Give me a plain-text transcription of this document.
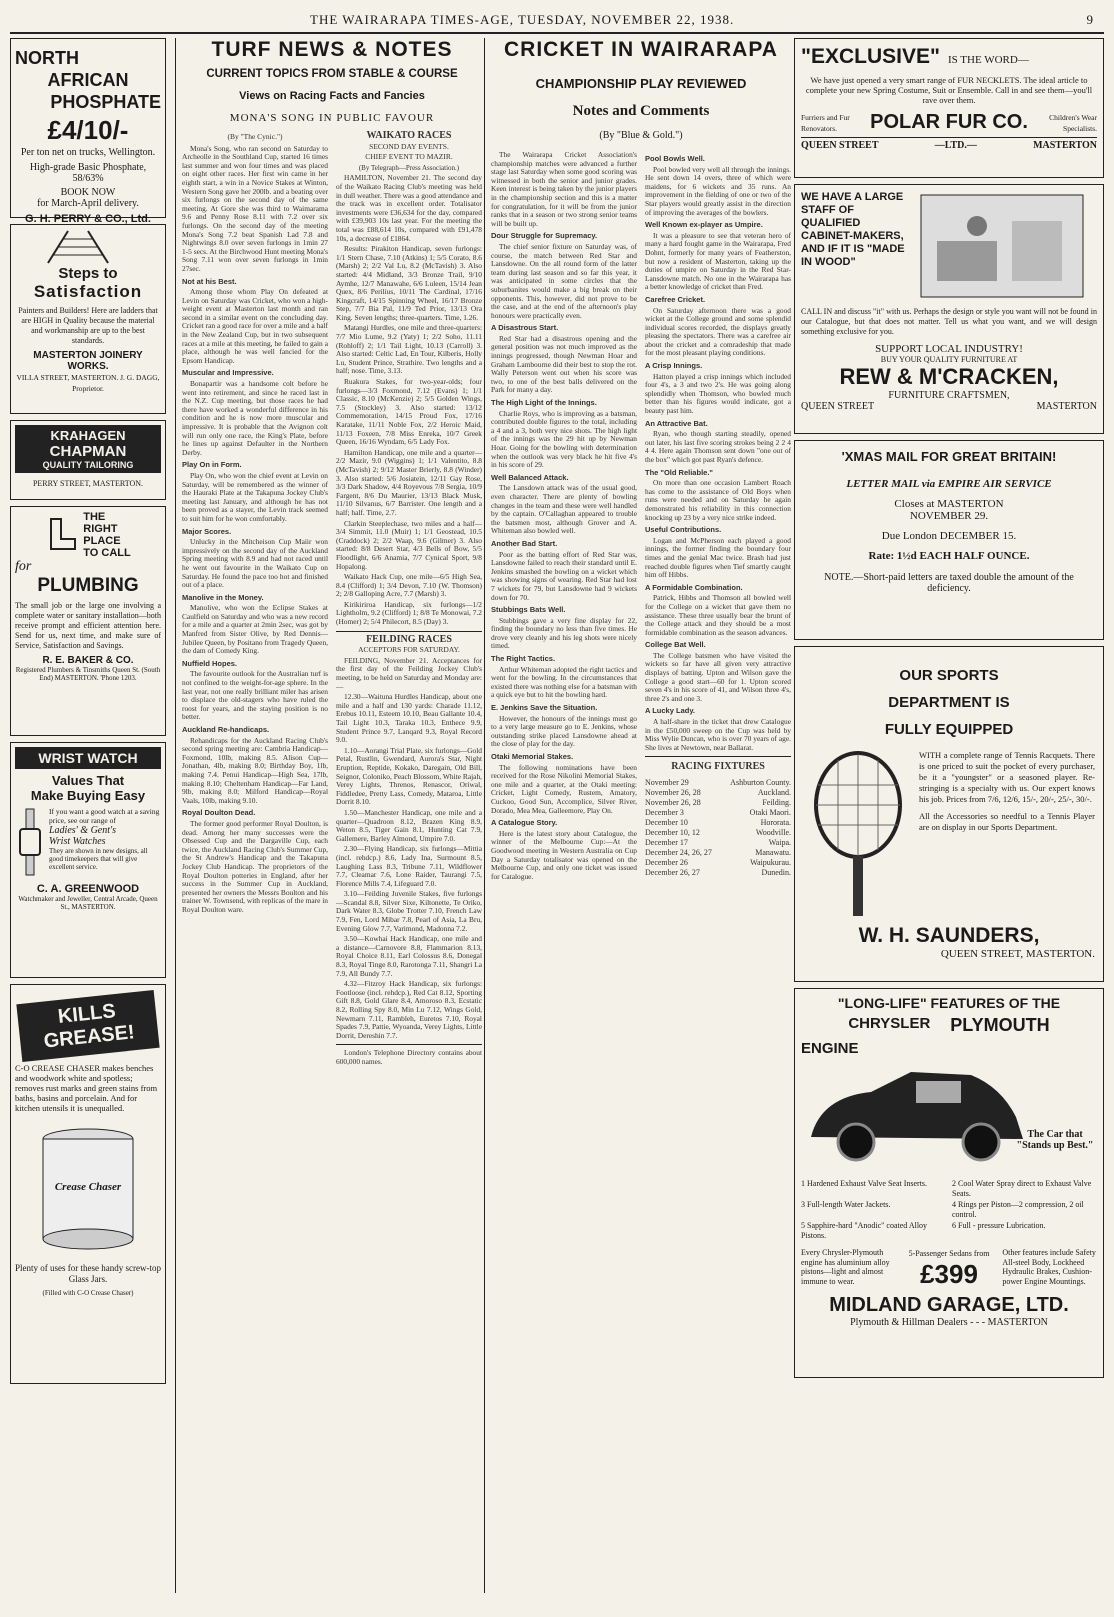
THE WAIRARAPA TIMES-AGE, TUESDAY, NOVEMBER 22, 1938.	9
NORTH
AFRICAN
PHOSPHATE
£4/10/-
Per ton net on trucks, Wellington.
High-grade Basic Phosphate, 58/63%
BOOK NOW
for March-April delivery.
G. H. PERRY & CO., Ltd.
Steps to
Satisfaction
Painters and Builders! Here are ladders that are HIGH in Quality because the material and workmanship are up to the best standards.
MASTERTON JOINERY WORKS.
VILLA STREET, MASTERTON. J. G. DAGG, Proprietor.
KRAHAGEN
CHAPMAN
QUALITY TAILORING
PERRY STREET, MASTERTON.
THE
RIGHT
PLACE
TO CALL
for
PLUMBING
The small job or the large one involving a complete water or sanitary installation—both receive prompt and efficient attention here. Send for us, next time, and make sure of Service, Satisfaction and Savings.
R. E. BAKER & CO.
Registered Plumbers & Tinsmiths Queen St. (South End) MASTERTON. 'Phone 1203.
WRIST WATCH
Values That
Make Buying Easy
If you want a good watch at a saving price, see our range of
Ladies' & Gent's
Wrist Watches
They are shown in new designs, all good timekeepers that will give excellent service.
C. A. GREENWOOD
Watchmaker and Jeweller, Central Arcade, Queen St., MASTERTON.
KILLS
GREASE!
C-O CREASE CHASER makes benches and woodwork white and spotless; removes rust marks and green stains from baths, basins and porcelain. And for kitchen utensils it is unequalled.
Crease Chaser
Plenty of uses for these handy screw-top Glass Jars.
(Filled with C-O Crease Chaser)
TURF NEWS & NOTES
CURRENT TOPICS FROM STABLE & COURSE
Views on Racing Facts and Fancies
MONA'S SONG IN PUBLIC FAVOUR
(By "The Cynic.")

Mona's Song, who ran second on Saturday to Archeolle in the Southland Cup, started 16 times last summer and won four times and was placed on eight other races. Her first win came in her eighth start, a win in a Novice Stakes at Winton, Western Song gave her 200lb. and a beating over six furlongs on the second day of the same meeting. At Gore she was third to Waimarama 9.6 and Penny Rose 8.11 with 7.2 over six furlongs. On the second day of the meeting Mona's Song 7.2 beat Spanish Lad 7.8 and Nightwings 8.0 over seven furlongs in 1min 27 1-5 secs. At the Birchwood Hunt meeting Mona's Song 7.11 won over seven furlongs in 1min 27sec.

Not at his Best.

Among those whom Play On defeated at Levin on Saturday was Cricket, who won a high-weight event at Masterton last month and ran second in a similar event on the concluding day. Cricket ran a good race for over a mile and a half in the New Zealand Cup, but in two subsequent races at a mile at this meeting, he failed to gain a place, although he was well fancied for the Epsom Handicap.

Muscular and Impressive.

Bonapartir was a handsome colt before he went into retirement, and since he raced last in the N.Z. Cup meeting, but those races he had there have worked a wonderful difference in his condition and he is now more muscular and impressive. It is probable that the Avignon colt will run only one race, the King's Plate, before he lines up against Defaulter in the Northern Derby.

Play On in Form.

Play On, who won the chief event at Levin on Saturday, will be remembered as the winner of the Hauraki Plate at the Takapuna Jockey Club's meeting last January, and although he has not been proved as a stayer, the Levin track seemed to suit him for he won comfortably.

Major Scores.

Unlucky in the Mitcheison Cup Maiir won impressively on the second day of the Auckland Spring meeting with 8.9 and had not raced until he went out favourite in the Waikato Cup on Saturday. He found the pace too hot and finished out of a place.

Manolive in the Money.

Manolive, who won the Eclipse Stakes at Caulfield on Saturday and who was a new record for a mile and a quarter at 2min 2sec, was got by Manfred from Sister Olive, by Red Dennis—Jubilee Queen, by Positano from Tragedy Queen, the dam of Comedy King.

Nuffield Hopes.

The favourite outlook for the Australian turf is not confined to the weight-for-age sphere. In the last year, not one really brilliant miler has arisen to displace the old-stagers who have ruled the roost for years, and the staying position is no better.

Auckland Re-handicaps.

Rehandicaps for the Auckland Racing Club's second spring meeting are: Cambria Handicap—Foxmond, 10lb, making 8.5. Alison Cup—Jonathan, 4lb, making 8.0; Birthday Boy, 1lb, making 7.4. Penui Handicap—High Sea, 17lb, making 8.10; Cheltenham Handicap—Far Land, 9lb, making 8.0; Milford Handicap—Royal Vaals, 10lb, making 9.10.

Royal Doulton Dead.

The former good performer Royal Doulton, is dead. Among her many successes were the Obsessed Cup and the Dargaville Cup, each twice, the Auckland Racing Club's Summer Cup, the St Andrew's Handicap and the Takapuna Jockey Club Handicap. The proprietors of the Royal Doulton potteries in England, after her success in the Summer Cup in Auckland, presented her owners the Messrs Boulton and his trainer W. Townsend, with replicas of the mare in Royal Doulton ware.

WAIKATO RACES
SECOND DAY EVENTS.
CHIEF EVENT TO MAZIR.
(By Telegraph—Press Association.)

HAMILTON, November 21. The second day of the Waikato Racing Club's meeting was held in dull weather. There was a good attendance and the track was in excellent order. Totalisator investments were £36,634 for the day, compared with £39,903 10s last year. For the meeting the total was £88,614 10s, compared with £91,478 10s, a decrease of £1864.

Results: Pirakiton Handicap, seven furlongs: 1/1 Stern Chase, 7.10 (Atkins) 1; 5/5 Corato, 8.6 (Marsh) 2; 2/2 Val Lu, 8.2 (McTavish) 3. Also started: 4/4 Midland, 3/3 Bronze Trail, 9/10 Aymhe, 12/7 Manawahe, 6/6 Luleen, 15/14 Jean Quex, 8/6 Perilius, 10/11 The Cardinal, 17/16 Kingcraft, 14/15 Spinning Wheel, 16/17 Bronze Step, 7/7 Bia Pal, 11/9 Ted Prior, 13/13 Ora King. Seven lengths; three-quarters. Time, 1.26.

Matangi Hurdles, one mile and three-quarters: 7/7 Mio Lume, 9.2 (Yaty) 1; 2/2 Soho, 11.11 (Rohloff) 2; 1/1 Tail Light, 10.13 (Carroll) 3. Also started: Celtic Lad, En Tour, Kilberis, Holly Lu, Student Prince, Strathire. Two lengths and a half; nose. Time, 3.13.

Ruakura Stakes, for two-year-olds; four furlongs—3/3 Foxmond, 7.12 (Evans) 1; 1/1 Classic, 8.10 (McKenzie) 2; 5/5 Golden Wings, 7.5 (Stockley) 3. Also started: 13/12 Commemoration, 14/15 Proud Fox, 17/16 Karatake, 11/11 Noble Fox, 2/2 Heroic Maid, 11/13 Foxeen, 7/8 Miss Enreka, 10/7 Greek Queen, 16/16 Wyndam, 6/5 Lady Fox.

Hamilton Handicap, one mile and a quarter—2/2 Mazir, 9.0 (Wiggins) 1; 1/1 Valentito, 8.8 (McTavish) 2; 9/12 Master Brierly, 8.8 (Winder) 3. Also started: 5/6 Josiatein, 12/11 Gay Rose, 3/3 Dark Shadow, 4/4 Royevous 7/8 Sergia, 10/9 Fargent, 8/6 Du Maurier, 13/13 Black Musk, 11/10 Silvanus, 6/7 Barrister. One length and a half; half. Time, 2.7.

Clarkin Steeplechase, two miles and a half—3/4 Simmit, 11.0 (Muir) 1; 1/1 Geostead, 10.5 (Craddock) 2; 2/2 Waap, 9.6 (Gilmer) 3. Also started: 8/8 Desert Star, 4/3 Bells of Bow, 5/5 Floodlight, 6/6 Anamia, 7/7 Cynical Sport, 9/8 Hopalong.

Waikato Hack Cup, one mile—6/5 High Sea, 8.4 (Clifford) 1; 3/4 Devon, 7.10 (W. Thomson) 2; 2/8 Galloping Acre, 7.7 (Marsh) 3.

Kirikiriroa Handicap, six furlongs—1/2 Lightholm, 9.2 (Clifford) 1; 8/8 Te Monowai, 7.2 (Homer) 2; 5/4 Philecort, 8.5 (Day) 3.

FEILDING RACES
ACCEPTORS FOR SATURDAY.

FEILDING, November 21. Acceptances for the first day of the Feilding Jockey Club's meeting, to be held on Saturday and Monday are:—

12.30—Waituna Hurdles Handicap, about one mile and a half and 130 yards: Charade 11.12, Erebus 10.11, Esteem 10.10, Beau Gallante 10.4, Tail Light 10.3, Taraka 10.3, Enthece 9.9, Student Prince 9.7, Lanqard 9.3, Royal Record 9.0.

1.10—Aorangi Trial Plate, six furlongs—Gold Petal, Rustlin, Gwendard, Aurora's Star, Night Eruption, Reptide, Kokako, Daregain, Old Bill, Seignor, Coloniko, Peach Blossom, White Rajah, Verey Lights, Threnos, Renascor, Oriwal, Fiddledee, Pretty Lass, Comedy, Mataroa, Little Dorrit 8.10.

1.50—Manchester Handicap, one mile and a quarter—Quadroon 8.12, Brazen King 8.9, Weton 8.5, Tiger Gain 8.1, Hunting Cat 7.9, Gallemere, Barley Almond, Umpire 7.0.

2.30—Flying Handicap, six furlongs—Mittia (incl. rehdcp.) 8.6, Lady Ina, Surmount 8.5, Laughing Lass 8.3, Tribune 7.11, Wildflower 7.7, Cleamar 7.6, Lone Raider, Taurangi 7.5, Florence Mills 7.4, Lifeguard 7.0.

3.10—Feilding Juvenile Stakes, five furlongs—Scandal 8.8, Silver Sixe, Kiltonette, Te Oriko, Dark Water 8.3, Globe Trotter 7.10, French Law 7.9, Fen, Lord Mibar 7.8, Pearl of Asia, La Bru, Evening Glow 7.7, Varimond, Madonna 7.2.

3.50—Kowhai Hack Handicap, one mile and a distance—Carnovore 8.8, Flammarion 8.13, Royal Choice 8.11, Earl Colossus 8.6, Donegal 8.3, Royal Tinge 8.0, Rarotonga 7.11, Shangri La 7.9, All Bundy 7.7.

4.32—Fitzroy Hack Handicap, six furlongs: Footloose (incl. rehdcp.), Red Cat 8.12, Sporting Gift 8.8, Gold Glare 8.4, Amoroso 8.3, Ecstatic 8.2, Rolling Spy 8.0, Min Lu 7.12, Wings Gold, Newmarn 7.11, Rambleh, Euretos 7.10, Royal Spades 7.9, Pattie, Wyoanda, Verey Lights, Little Dorrit, Dereshin 7.7.

London's Telephone Directory contains about 600,000 names.

CRICKET IN WAIRARAPA
CHAMPIONSHIP PLAY REVIEWED
Notes and Comments
(By "Blue & Gold.")

The Wairarapa Cricket Association's championship matches were advanced a further stage last Saturday when some good scoring was witnessed in both the senior and junior grades. Keen interest is being taken by the junior players in the championship section and this is a matter for congratulation, for it will be from the junior ranks that in a season or two strong senior teams will be built up.

Dour Struggle for Supremacy.

The chief senior fixture on Saturday was, of course, the match between Red Star and Lansdowne. On the all round form of the latter team during last season and so far this year, it was anticipated in some circles that the suburbanites would make a big break on their opponents. This, however, did not prove to be the case, and at the end of the afternoon's play honours were practically even.

A Disastrous Start.

Red Star had a disastrous opening and the general position was not much improved as the innings progressed, though Newman Hoar and Graham Lambourne did their best to stop the rot. Wally Peterson went out when his score was two, to one of the best balls delivered on the Park for many a day.

The High Light of the Innings.

Charlie Roys, who is improving as a batsman, contributed double figures to the total, including a 4 and a 3, both very nice shots. The high light of the innings was the 29 hit up by Newman Hoar. Going for the bowling with determination when the outlook was very black he hit five 4's in his score of 29.

Well Balanced Attack.

The Lansdown attack was of the usual good, even character. There are plenty of bowling changes in the team and these were well handled by the captain. O'Callaghan appeared to trouble the batsmen most, although Grover and A. Whiteman also bowled well.

Another Bad Start.

Poor as the batting effort of Red Star was, Lansdowne failed to reach their standard until E. Jenkins smashed the bowling on a wicket which was showing signs of wearing. Red Star had lost 7 wickets for 79, but Lansdowne had 9 wickets down for 70.

Stubbings Bats Well.

Stubbings gave a very fine display for 22, finding the boundary no less than five times. He drove very cleanly and his leg shots were nicely timed.

The Right Tactics.

Arthur Whiteman adopted the right tactics and went for the bowling. In the circumstances that existed there was nothing else for a batsman with a quick eye but to hit the bowling hard.

E. Jenkins Save the Situation.

However, the honours of the innings must go to a very large measure go to E. Jenkins, whose outstanding strike placed Lansdowne ahead at the close of play for the day.

Otaki Memorial Stakes.

The following nominations have been received for the Rose Nikolini Memorial Stakes, one mile and a quarter, at the Otaki meeting: Cricket, Light Comedy, Rustem, Amatory, Cuckoo, Good Sun, Accomplice, Silver River, Dorado, Mea Mea, Galleemore, Play On.

A Catalogue Story.

Here is the latest story about Catalogue, the winner of the Melbourne Cup:—At the Goodwood meeting in Western Australia on Cup Day a Saturday totalisator was opened on the Melbourne Cup, and only one ticket was issued for Catalogue.

Pool Bowls Well.

Pool bowled very well all through the innings. He sent down 14 overs, three of which were maidens, for 6 wickets and 35 runs. An improvement in the fielding of one or two of the Star players would greatly assist in the direction of improving the averages of the bowlers.

Well Known ex-player as Umpire.

It was a pleasure to see that veteran hero of many a hard fought game in the Wairarapa, Fred Dohnt, formerly for many years of Featherston, but now a resident of Masterton, taking up the duties of umpire on Saturday in the Red Star-Lansdowne match. No one in the Wairarapa has a better knowledge of cricket than Fred.

Carefree Cricket.

On Saturday afternoon there was a good wicket at the College ground and some splendid individual scores recorded, the displays greatly pleasing the spectators. There was a carefree air about the cricket and a comradeship that made for the most pleasant playing conditions.

A Crisp Innings.

Hatton played a crisp innings which included four 4's, a 3 and two 2's. He was going along splendidly when Thomson, who bowled much better than his figures would indicate, got a beauty past him.

An Attractive Bat.

Ryan, who though starting steadily, opened out later, his last five scoring strokes being 2 2 4 4 4. Here again Thomson sent down "one out of the box" which got past Ryan's defence.

The "Old Reliable."

On more than one occasion Lambert Roach has come to the assistance of Old Boys when runs were needed and on Saturday he again demonstrated his reliability in this connection knocking up 23 by a very nice strike indeed.

Useful Contributions.

Logan and McPherson each played a good innings, the former finding the boundary four times and the genial Mac twice. Brash had just reached double figures when Tief smartly caught him off Hibbs.

A Formidable Combination.

Patrick, Hibbs and Thomson all bowled well for the College on a wicket that gave them no assistance. These three usually bear the brunt of the College attack and they should be a most formidable combination as the season advances.

College Bat Well.

The College batsmen who have visited the wickets so far have all given very attractive displays of batting. Upton and Wilson gave the College a good start—60 for 1. Upton scored seven 4's in his score of 41, and Wilson three 4's, three 2's and one 3.

A Lucky Lady.

A half-share in the ticket that drew Catalogue in the £50,000 sweep on the Cup was held by Miss Wylie Duncan, who is over 70 years of age. She lives at Newtown, near Ballarat.

RACING FIXTURES
November 29	Ashburton County.
November 26, 28	Auckland.
November 26, 28	Feilding.
December 3	Otaki Maori.
December 10	Hororata.
December 10, 12	Woodville.
December 17	Waipa.
December 24, 26, 27	Manawatu.
December 26	Waipukurau.
December 26, 27	Dunedin.
"EXCLUSIVE" IS THE WORD—
We have just opened a very smart range of FUR NECKLETS. The ideal article to complete your new Spring Costume, Suit or Ensemble. Call in and see them—you'll rave over them.
Furriers and Fur Renovators.	POLAR FUR CO.	Children's Wear Specialists.
QUEEN STREET	—LTD.—	MASTERTON
WE HAVE A LARGE STAFF OF QUALIFIED CABINET-MAKERS, AND IF IT IS "MADE IN WOOD"
CALL IN and discuss "it" with us. Perhaps the design or style you want will not be found in our Catalogue, but that does not matter. Tell us what you want, and we will design something exclusive for you.
SUPPORT LOCAL INDUSTRY!
BUY YOUR QUALITY FURNITURE AT
REW & M'CRACKEN,
FURNITURE CRAFTSMEN,
QUEEN STREET	MASTERTON
'XMAS MAIL FOR GREAT BRITAIN!
LETTER MAIL via EMPIRE AIR SERVICE
Closes at MASTERTON
NOVEMBER 29.
Due London DECEMBER 15.
Rate: 1½d EACH HALF OUNCE.
NOTE.—Short-paid letters are taxed double the amount of the deficiency.
OUR SPORTS
DEPARTMENT IS
FULLY EQUIPPED
WITH a complete range of Tennis Racquets. There is one priced to suit the pocket of every purchaser, be it a "youngster" or a seasoned player. Re-stringing is a specialty with us. Our expert knows his job. Prices from 7/6, 12/6, 15/-, 20/-, 25/-, 30/-.
All the Accessories so needful to a Tennis Player are on display in our Sports Department.
W. H. SAUNDERS,
QUEEN STREET, MASTERTON.
"LONG-LIFE" FEATURES OF THE
CHRYSLER PLYMOUTH
ENGINE
The Car that "Stands up Best."
1 Hardened Exhaust Valve Seat Inserts.	2 Cool Water Spray direct to Exhaust Valve Seats.
3 Full-length Water Jackets.	4 Rings per Piston—2 compression, 2 oil control.
5 Sapphire-hard "Anodic" coated Alloy Pistons.
6 Full - pressure Lubrication.
Every Chrysler-Plymouth engine has aluminium alloy pistons—light and almost immune to wear.
5-Passenger Sedans from
£399
Other features include Safety All-steel Body, Lockheed Hydraulic Brakes, Cushion-power Engine Mountings.
MIDLAND GARAGE, LTD.
Plymouth & Hillman Dealers - - - MASTERTON
